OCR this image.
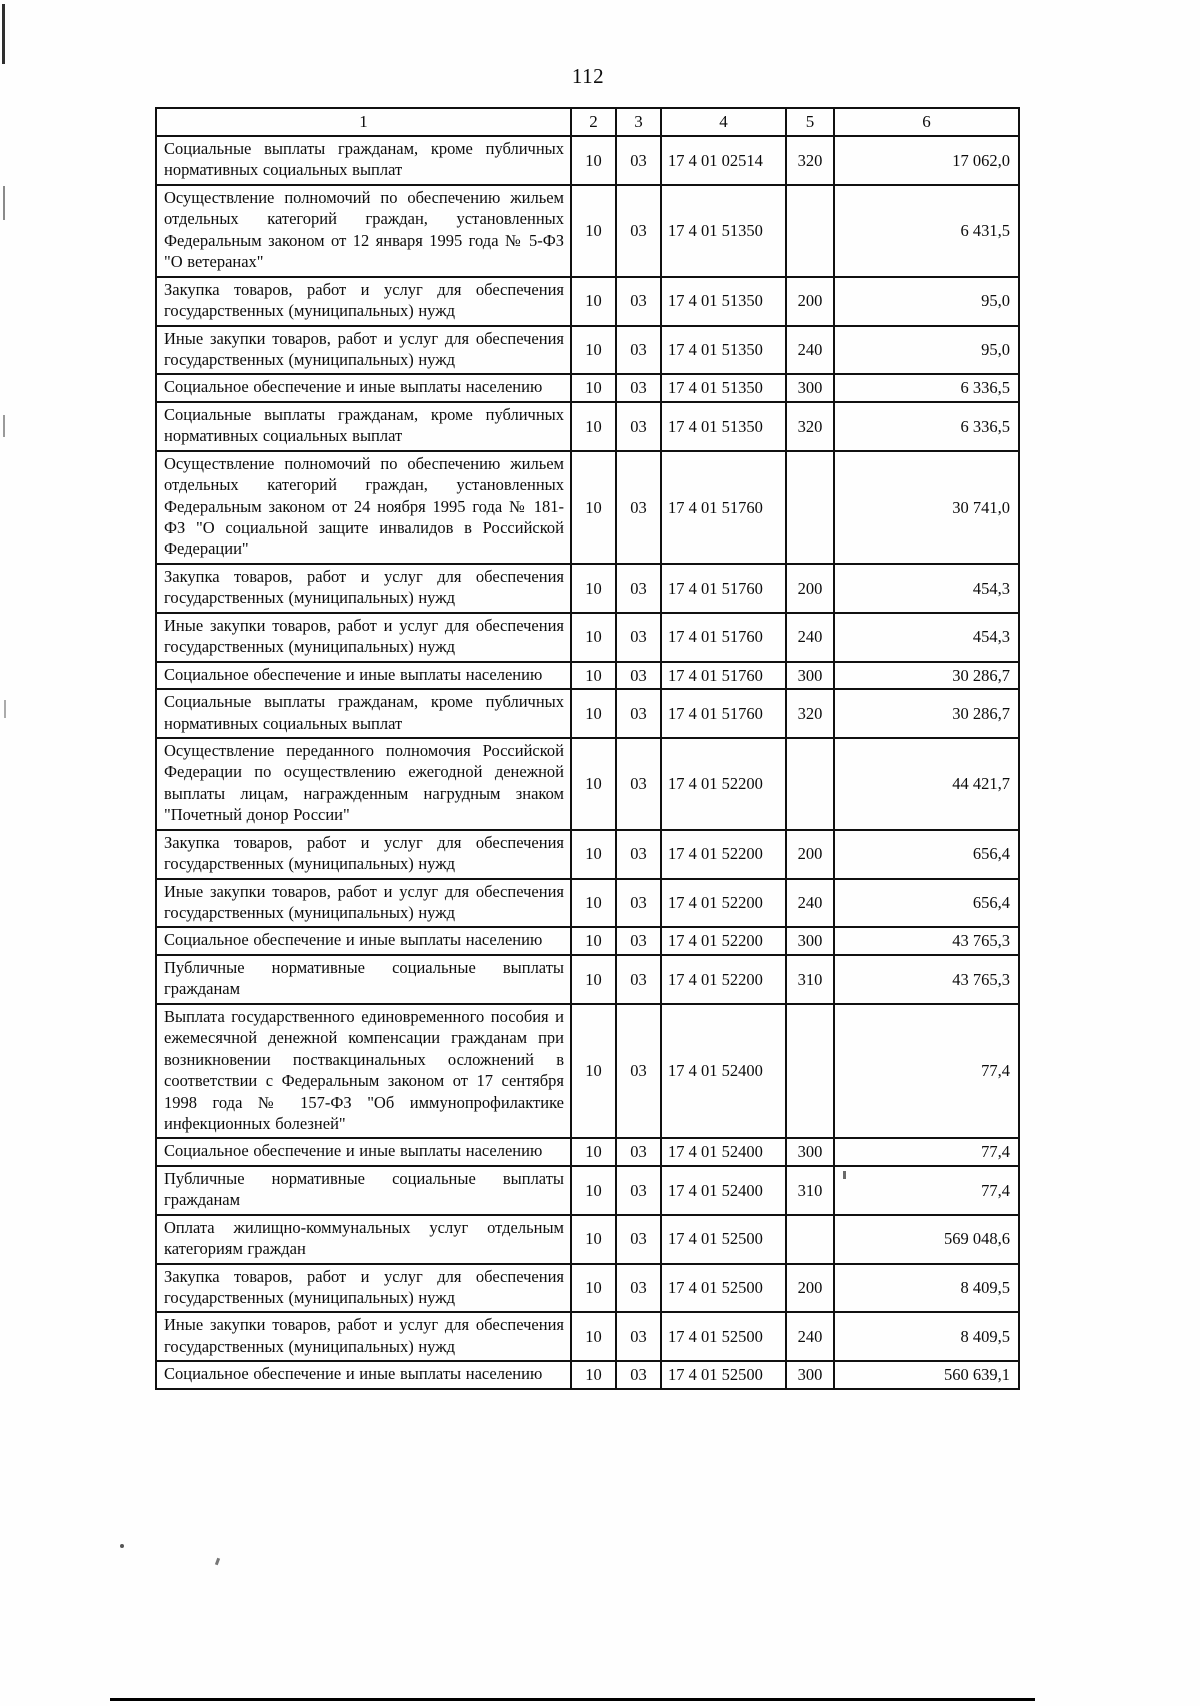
112
1	2	3	4	5	6
Социальные выплаты гражданам, кроме публичных нормативных социальных выплат	10	03	17 4 01 02514	320	17 062,0
Осуществление полномочий по обеспечению жильем отдельных категорий граждан, установленных Федеральным законом от 12 января 1995 года № 5-ФЗ "О ветеранах"	10	03	17 4 01 51350		6 431,5
Закупка товаров, работ и услуг для обеспечения государственных (муниципальных) нужд	10	03	17 4 01 51350	200	95,0
Иные закупки товаров, работ и услуг для обеспечения государственных (муниципальных) нужд	10	03	17 4 01 51350	240	95,0
Социальное обеспечение и иные выплаты населению	10	03	17 4 01 51350	300	6 336,5
Социальные выплаты гражданам, кроме публичных нормативных социальных выплат	10	03	17 4 01 51350	320	6 336,5
Осуществление полномочий по обеспечению жильем отдельных категорий граждан, установленных Федеральным законом от 24 ноября 1995 года № 181-ФЗ "О социальной защите инвалидов в Российской Федерации"	10	03	17 4 01 51760		30 741,0
Закупка товаров, работ и услуг для обеспечения государственных (муниципальных) нужд	10	03	17 4 01 51760	200	454,3
Иные закупки товаров, работ и услуг для обеспечения государственных (муниципальных) нужд	10	03	17 4 01 51760	240	454,3
Социальное обеспечение и иные выплаты населению	10	03	17 4 01 51760	300	30 286,7
Социальные выплаты гражданам, кроме публичных нормативных социальных выплат	10	03	17 4 01 51760	320	30 286,7
Осуществление переданного полномочия Российской Федерации по осуществлению ежегодной денежной выплаты лицам, награжденным нагрудным знаком "Почетный донор России"	10	03	17 4 01 52200		44 421,7
Закупка товаров, работ и услуг для обеспечения государственных (муниципальных) нужд	10	03	17 4 01 52200	200	656,4
Иные закупки товаров, работ и услуг для обеспечения государственных (муниципальных) нужд	10	03	17 4 01 52200	240	656,4
Социальное обеспечение и иные выплаты населению	10	03	17 4 01 52200	300	43 765,3
Публичные нормативные социальные выплаты гражданам	10	03	17 4 01 52200	310	43 765,3
Выплата государственного единовременного пособия и ежемесячной денежной компенсации гражданам при возникновении поствакцинальных осложнений в соответствии с Федеральным законом от 17 сентября 1998 года № 157-ФЗ "Об иммунопрофилактике инфекционных болезней"	10	03	17 4 01 52400		77,4
Социальное обеспечение и иные выплаты населению	10	03	17 4 01 52400	300	77,4
Публичные нормативные социальные выплаты гражданам	10	03	17 4 01 52400	310	77,4
Оплата жилищно-коммунальных услуг отдельным категориям граждан	10	03	17 4 01 52500		569 048,6
Закупка товаров, работ и услуг для обеспечения государственных (муниципальных) нужд	10	03	17 4 01 52500	200	8 409,5
Иные закупки товаров, работ и услуг для обеспечения государственных (муниципальных) нужд	10	03	17 4 01 52500	240	8 409,5
Социальное обеспечение и иные выплаты населению	10	03	17 4 01 52500	300	560 639,1
